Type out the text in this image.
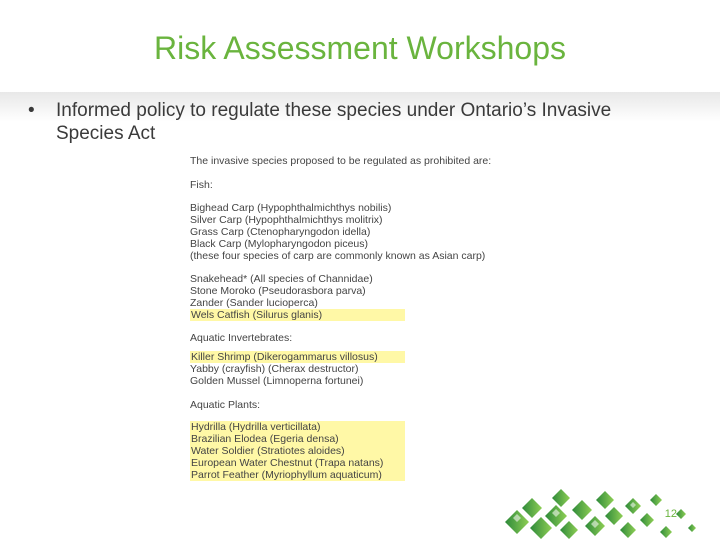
Risk Assessment Workshops
• Informed policy to regulate these species under Ontario’s Invasive Species Act
The invasive species proposed to be regulated as prohibited are:
Fish:
Bighead Carp (Hypophthalmichthys nobilis)
Silver Carp (Hypophthalmichthys molitrix)
Grass Carp (Ctenopharyngodon idella)
Black Carp (Mylopharyngodon piceus)
(these four species of carp are commonly known as Asian carp)
Snakehead* (All species of Channidae)
Stone Moroko (Pseudorasbora parva)
Zander (Sander lucioperca)
Wels Catfish (Silurus glanis)
Aquatic Invertebrates:
Killer Shrimp (Dikerogammarus villosus)
Yabby (crayfish) (Cherax destructor)
Golden Mussel (Limnoperna fortunei)
Aquatic Plants:
Hydrilla (Hydrilla verticillata)
Brazilian Elodea (Egeria densa)
Water Soldier (Stratiotes aloides)
European Water Chestnut (Trapa natans)
Parrot Feather (Myriophyllum aquaticum)
12
